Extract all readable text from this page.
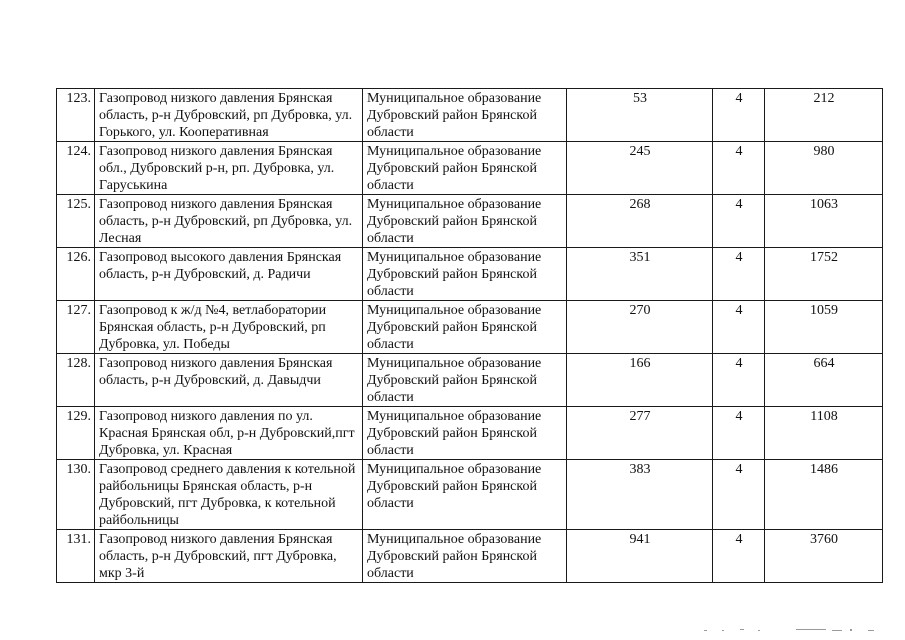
123.	Газопровод низкого давления Брянская область, р-н Дубровский, рп Дубровка, ул. Горького, ул. Кооперативная	Муниципальное образование Дубровский район Брянской области	53	4	212
124.	Газопровод низкого давления Брянская обл., Дубровский р-н, рп. Дубровка, ул. Гаруськина	Муниципальное образование Дубровский район Брянской области	245	4	980
125.	Газопровод низкого давления Брянская область, р-н Дубровский, рп Дубровка, ул. Лесная	Муниципальное образование Дубровский район Брянской области	268	4	1063
126.	Газопровод высокого давления Брянская область, р-н Дубровский, д. Радичи	Муниципальное образование Дубровский район Брянской области	351	4	1752
127.	Газопровод к ж/д №4, ветлаборатории Брянская область, р-н Дубровский, рп Дубровка, ул. Победы	Муниципальное образование Дубровский район Брянской области	270	4	1059
128.	Газопровод низкого давления Брянская область, р-н Дубровский, д. Давыдчи	Муниципальное образование Дубровский район Брянской области	166	4	664
129.	Газопровод низкого давления по ул. Красная Брянская обл, р-н Дубровский,пгт Дубровка, ул. Красная	Муниципальное образование Дубровский район Брянской области	277	4	1108
130.	Газопровод среднего давления к котельной райбольницы Брянская область, р-н Дубровский, пгт Дубровка, к котельной райбольницы	Муниципальное образование Дубровский район Брянской области	383	4	1486
131.	Газопровод низкого давления Брянская область, р-н Дубровский, пгт Дубровка, мкр 3-й	Муниципальное образование Дубровский район Брянской области	941	4	3760
